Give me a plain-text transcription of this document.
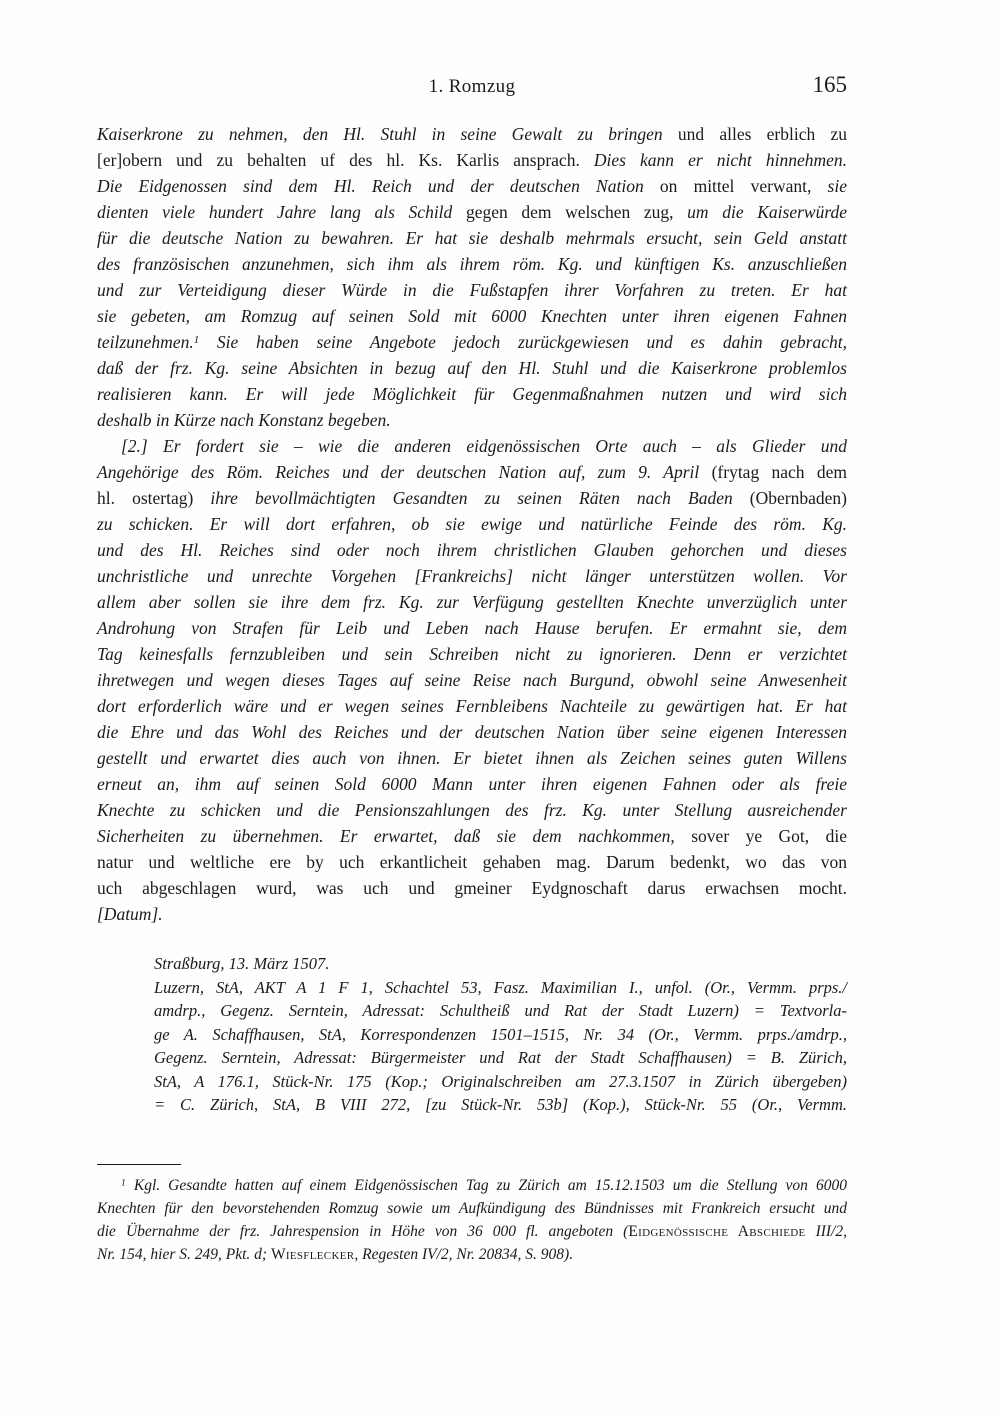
1. Romzug	165
Kaiserkrone zu nehmen, den Hl. Stuhl in seine Gewalt zu bringen und alles erblich zu
[er]obern und zu behalten uf des hl. Ks. Karlis ansprach. Dies kann er nicht hinnehmen.
Die Eidgenossen sind dem Hl. Reich und der deutschen Nation on mittel verwant, sie
dienten viele hundert Jahre lang als Schild gegen dem welschen zug, um die Kaiserwürde
für die deutsche Nation zu bewahren. Er hat sie deshalb mehrmals ersucht, sein Geld anstatt
des französischen anzunehmen, sich ihm als ihrem röm. Kg. und künftigen Ks. anzuschließen
und zur Verteidigung dieser Würde in die Fußstapfen ihrer Vorfahren zu treten. Er hat
sie gebeten, am Romzug auf seinen Sold mit 6000 Knechten unter ihren eigenen Fahnen
teilzunehmen.$^1$ Sie haben seine Angebote jedoch zurückgewiesen und es dahin gebracht,
daß der frz. Kg. seine Absichten in bezug auf den Hl. Stuhl und die Kaiserkrone problemlos
realisieren kann. Er will jede Möglichkeit für Gegenmaßnahmen nutzen und wird sich
deshalb in Kürze nach Konstanz begeben.
[2.] Er fordert sie – wie die anderen eidgenössischen Orte auch – als Glieder und
Angehörige des Röm. Reiches und der deutschen Nation auf, zum 9. April (frytag nach dem
hl. ostertag) ihre bevollmächtigten Gesandten zu seinen Räten nach Baden (Obernbaden)
zu schicken. Er will dort erfahren, ob sie ewige und natürliche Feinde des röm. Kg.
und des Hl. Reiches sind oder noch ihrem christlichen Glauben gehorchen und dieses
unchristliche und unrechte Vorgehen [Frankreichs] nicht länger unterstützen wollen. Vor
allem aber sollen sie ihre dem frz. Kg. zur Verfügung gestellten Knechte unverzüglich unter
Androhung von Strafen für Leib und Leben nach Hause berufen. Er ermahnt sie, dem
Tag keinesfalls fernzubleiben und sein Schreiben nicht zu ignorieren. Denn er verzichtet
ihretwegen und wegen dieses Tages auf seine Reise nach Burgund, obwohl seine Anwesenheit
dort erforderlich wäre und er wegen seines Fernbleibens Nachteile zu gewärtigen hat. Er hat
die Ehre und das Wohl des Reiches und der deutschen Nation über seine eigenen Interessen
gestellt und erwartet dies auch von ihnen. Er bietet ihnen als Zeichen seines guten Willens
erneut an, ihm auf seinen Sold 6000 Mann unter ihren eigenen Fahnen oder als freie
Knechte zu schicken und die Pensionszahlungen des frz. Kg. unter Stellung ausreichender
Sicherheiten zu übernehmen. Er erwartet, daß sie dem nachkommen, sover ye Got, die
natur und weltliche ere by uch erkantlicheit gehaben mag. Darum bedenkt, wo das von
uch abgeschlagen wurd, was uch und gmeiner Eydgnoschaft darus erwachsen mocht.
[Datum].
Straßburg, 13. März 1507.
Luzern, StA, AKT A 1 F 1, Schachtel 53, Fasz. Maximilian I., unfol. (Or., Vermm. prps./
amdrp., Gegenz. Serntein, Adressat: Schultheiß und Rat der Stadt Luzern) = Textvorla-
ge A. Schaffhausen, StA, Korrespondenzen 1501–1515, Nr. 34 (Or., Vermm. prps./amdrp.,
Gegenz. Serntein, Adressat: Bürgermeister und Rat der Stadt Schaffhausen) = B. Zürich,
StA, A 176.1, Stück-Nr. 175 (Kop.; Originalschreiben am 27.3.1507 in Zürich übergeben)
= C. Zürich, StA, B VIII 272, [zu Stück-Nr. 53b] (Kop.), Stück-Nr. 55 (Or., Vermm.
$^1$ Kgl. Gesandte hatten auf einem Eidgenössischen Tag zu Zürich am 15.12.1503 um die Stellung von 6000
Knechten für den bevorstehenden Romzug sowie um Aufkündigung des Bündnisses mit Frankreich ersucht und
die Übernahme der frz. Jahrespension in Höhe von 36 000 fl. angeboten (Eidgenössische Abschiede III/2,
Nr. 154, hier S. 249, Pkt. d; Wiesflecker, Regesten IV/2, Nr. 20834, S. 908).
